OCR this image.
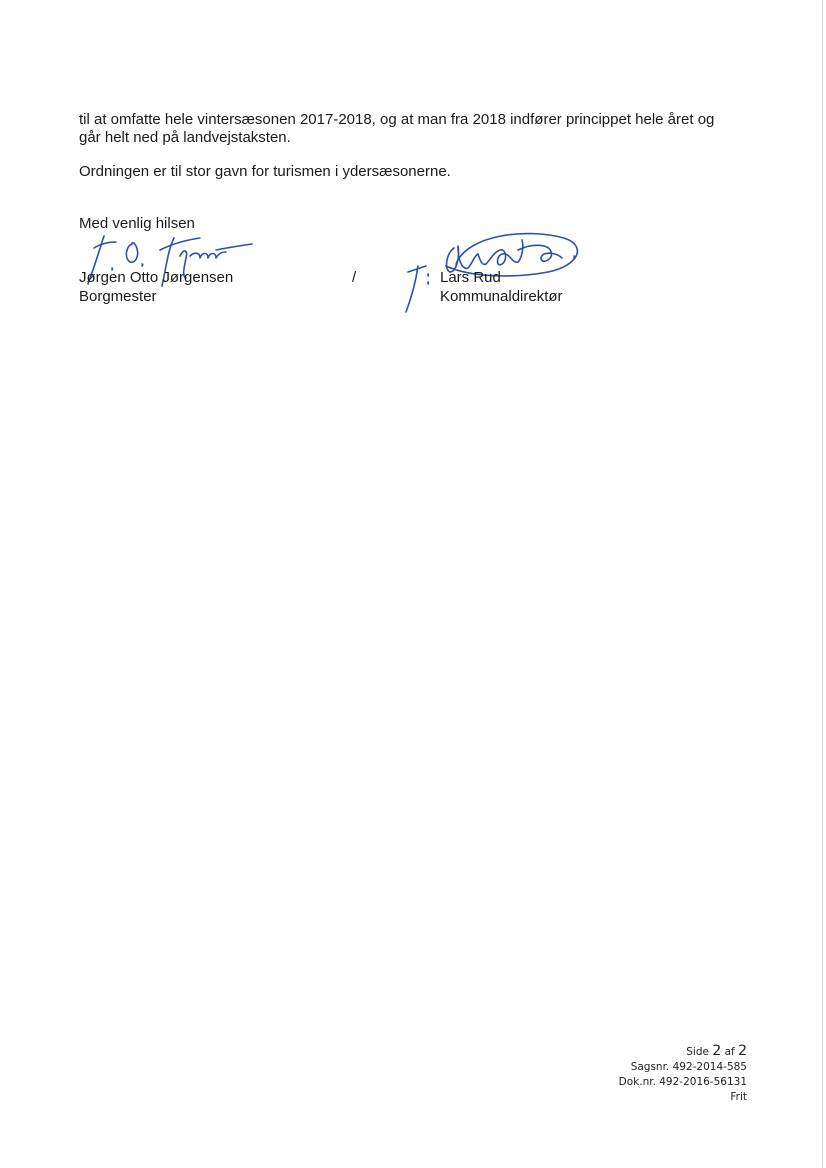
til at omfatte hele vintersæsonen 2017-2018, og at man fra 2018 indfører princippet hele året og går helt ned på landvejstaksten.

Ordningen er til stor gavn for turismen i ydersæsonerne.

Med venlig hilsen

Jørgen Otto Jørgensen
Borgmester
/	Lars Rud
Kommunaldirektør
Side 2 af 2
Sagsnr. 492-2014-585
Dok.nr. 492-2016-56131
Frit
